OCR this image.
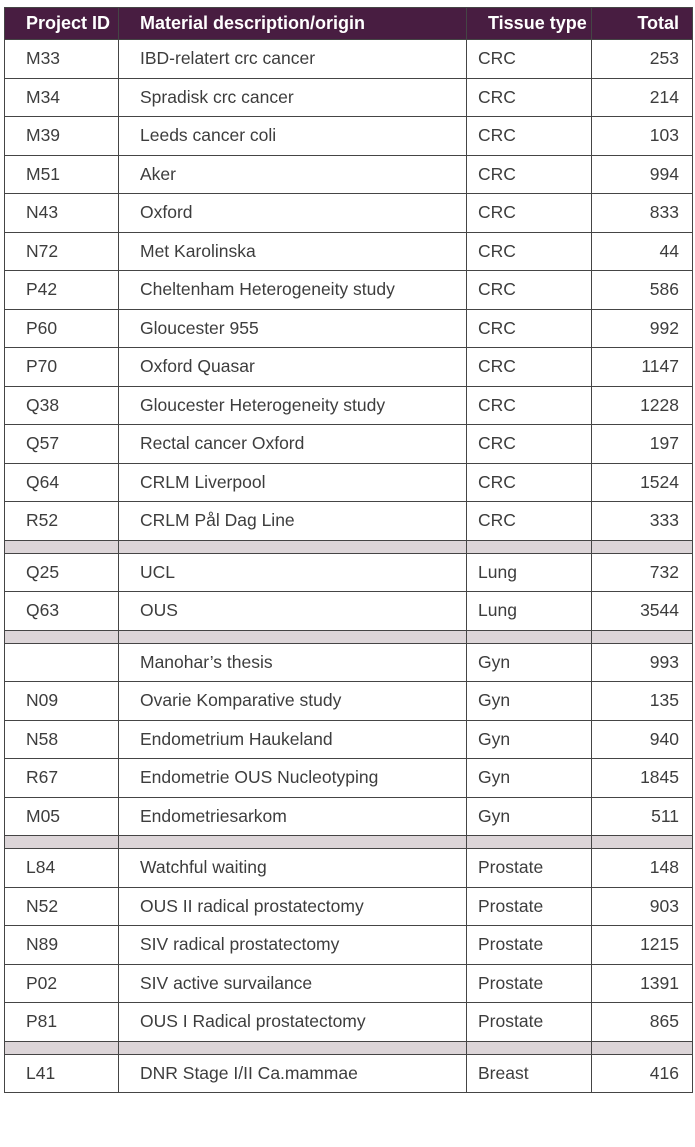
Project ID	Material description/origin	Tissue type	Total
M33	IBD-relatert crc cancer	CRC	253
M34	Spradisk crc cancer	CRC	214
M39	Leeds cancer coli	CRC	103
M51	Aker	CRC	994
N43	Oxford	CRC	833
N72	Met Karolinska	CRC	44
P42	Cheltenham Heterogeneity study	CRC	586
P60	Gloucester 955	CRC	992
P70	Oxford Quasar	CRC	1147
Q38	Gloucester Heterogeneity study	CRC	1228
Q57	Rectal cancer Oxford	CRC	197
Q64	CRLM Liverpool	CRC	1524
R52	CRLM Pål Dag Line	CRC	333

Q25	UCL	Lung	732
Q63	OUS	Lung	3544

	Manohar’s thesis	Gyn	993
N09	Ovarie Komparative study	Gyn	135
N58	Endometrium Haukeland	Gyn	940
R67	Endometrie OUS Nucleotyping	Gyn	1845
M05	Endometriesarkom	Gyn	511

L84	Watchful waiting	Prostate	148
N52	OUS II radical prostatectomy	Prostate	903
N89	SIV radical prostatectomy	Prostate	1215
P02	SIV active survailance	Prostate	1391
P81	OUS I Radical prostatectomy	Prostate	865

L41	DNR Stage I/II Ca.mammae	Breast	416
